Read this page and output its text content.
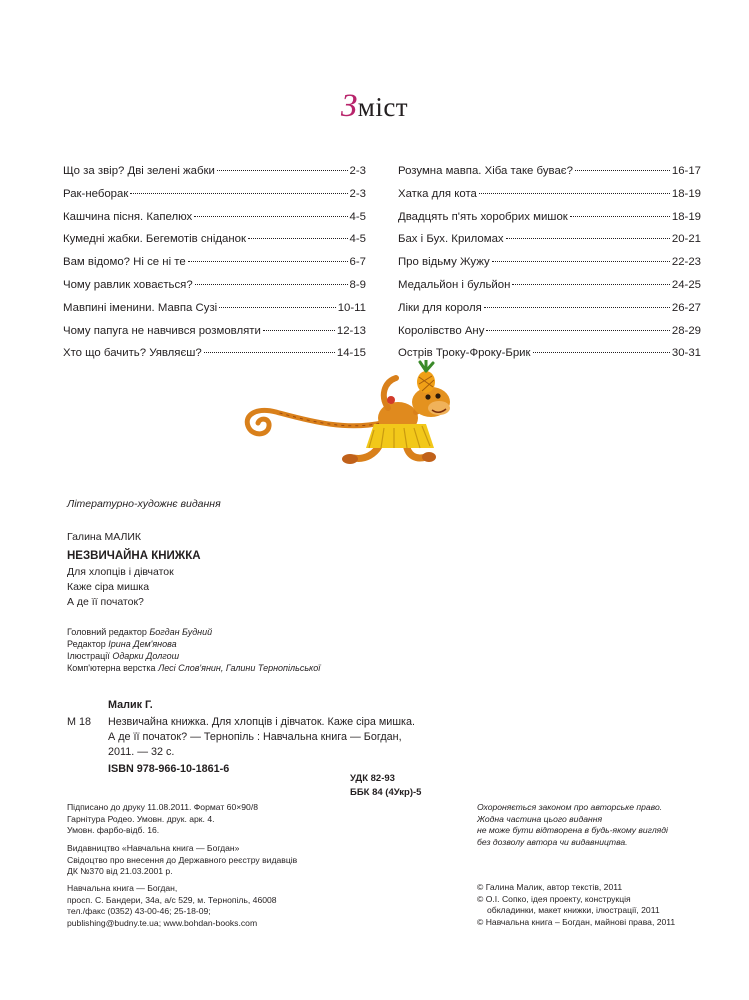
Зміст
Що за звір? Дві зелені жабки	2-3
Рак-неборак	2-3
Кашчина пісня. Капелюх	4-5
Кумедні жабки. Бегемотів сніданок	4-5
Вам відомо? Ні се ні те	6-7
Чому равлик ховається?	8-9
Мавпині іменини. Мавпа Сузі	10-11
Чому папуга не навчився розмовляти	12-13
Хто що бачить? Уявляєш?	14-15
Розумна мавпа. Хіба таке буває?	16-17
Хатка для кота	18-19
Двадцять п'ять хоробрих мишок	18-19
Бах і Бух. Криломах	20-21
Про відьму Жужу	22-23
Медальйон і бульйон	24-25
Ліки для короля	26-27
Королівство Ану	28-29
Острів Троку-Фроку-Брик	30-31
Літературно-художнє видання
Галина МАЛИК
НЕЗВИЧАЙНА КНИЖКА
Для хлопців і дівчаток
Каже сіра мишка
А де її початок?
Головний редактор Богдан Будний
Редактор Ірина Дем'янова
Ілюстрації Одарки Долгош
Комп'ютерна верстка Лесі Слов'янин, Галини Тернопільської
Малик Г.
М 18 Незвичайна книжка. Для хлопців і дівчаток. Каже сіра мишка.
А де її початок? — Тернопіль : Навчальна книга — Богдан,
2011. — 32 с.
ISBN 978-966-10-1861-6
УДК 82-93
ББК 84 (4Укр)-5
Підписано до друку 11.08.2011. Формат 60×90/8
Гарнітура Родео. Умовн. друк. арк. 4.
Умовн. фарбо-відб. 16.
Видавництво «Навчальна книга — Богдан»
Свідоцтво про внесення до Державного реєстру видавців
ДК №370 від 21.03.2001 р.
Навчальна книга — Богдан,
просп. С. Бандери, 34а, а/с 529, м. Тернопіль, 46008
тел./факс (0352) 43-00-46; 25-18-09;
publishing@budny.te.ua; www.bohdan-books.com
Охороняється законом про авторське право.
Жодна частина цього видання
не може бути відтворена в будь-якому вигляді
без дозволу автора чи видавництва.
© Галина Малик, автор текстів, 2011
© О.І. Сопко, ідея проекту, конструкція
обкладинки, макет книжки, ілюстрації, 2011
© Навчальна книга – Богдан, майнові права, 2011
